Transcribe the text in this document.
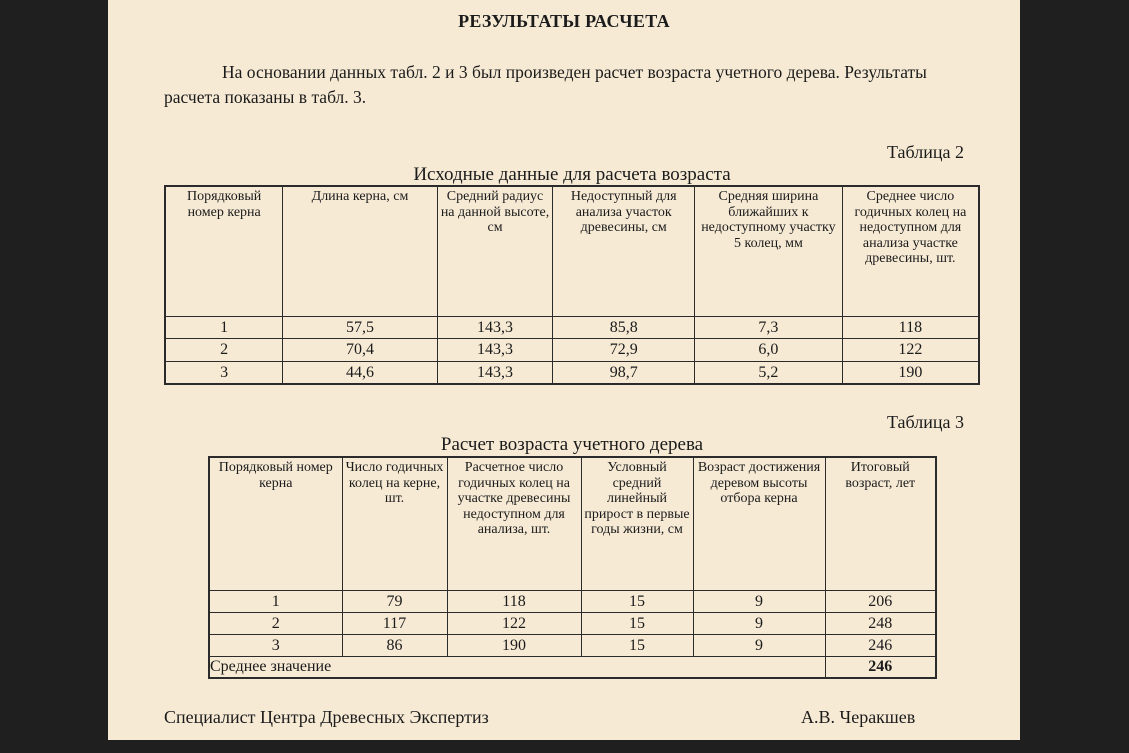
РЕЗУЛЬТАТЫ РАСЧЕТА
На основании данных табл. 2 и 3 был произведен расчет возраста учетного дерева. Результаты расчета показаны в табл. 3.
Таблица 2
Исходные данные для расчета возраста
Порядковый номер керна	Длина керна, см	Средний радиус на данной высоте, см	Недоступный для анализа участок древесины, см	Средняя ширина ближайших к недоступному участку 5 колец, мм	Среднее число годичных колец на недоступном для анализа участке древесины, шт.
1	57,5	143,3	85,8	7,3	118
2	70,4	143,3	72,9	6,0	122
3	44,6	143,3	98,7	5,2	190
Таблица 3
Расчет возраста учетного дерева
Порядковый номер керна	Число годичных колец на керне, шт.	Расчетное число годичных колец на участке древесины недоступном для анализа, шт.	Условный средний линейный прирост в первые годы жизни, см	Возраст достижения деревом высоты отбора керна	Итоговый возраст, лет
1	79	118	15	9	206
2	117	122	15	9	248
3	86	190	15	9	246
Среднее значение					246
Специалист Центра Древесных Экспертиз	А.В. Черакшев
